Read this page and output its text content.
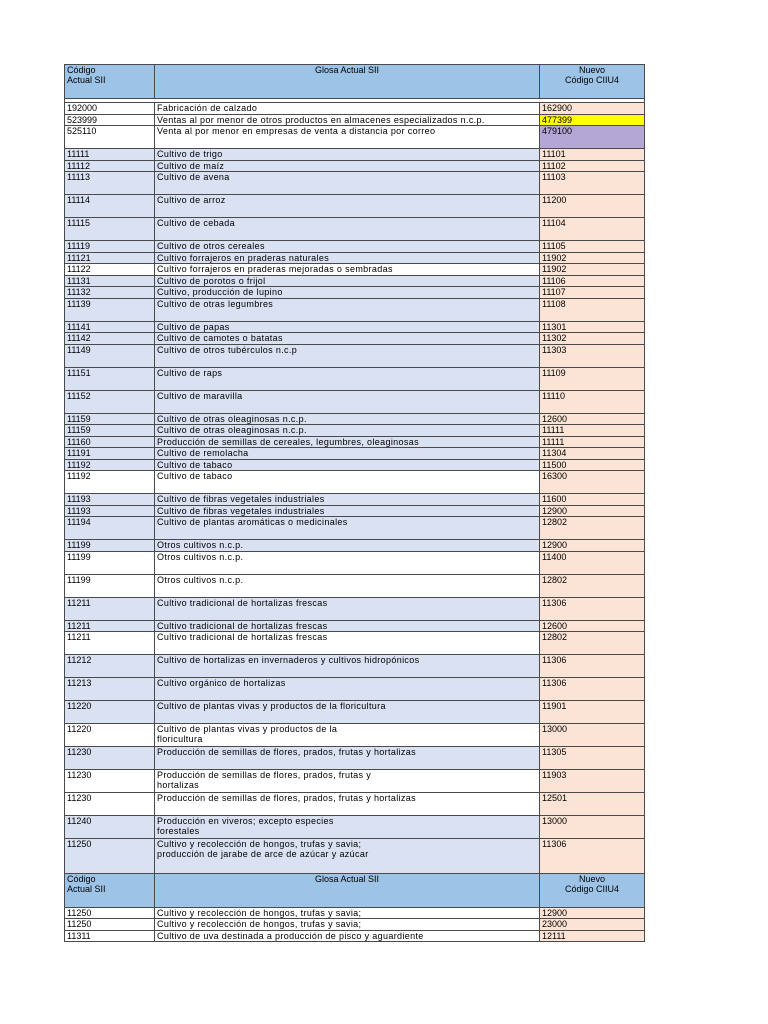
Código
Actual SII	Glosa Actual SII	Nuevo
Código CIIU4

192000	Fabricación de calzado	162900
523999	Ventas al por menor de otros productos en almacenes especializados n.c.p.	477399
525110	Venta al por menor en empresas de venta a distancia por correo	479100
11111	Cultivo de trigo	11101
11112	Cultivo de maíz	11102
11113	Cultivo de avena	11103
11114	Cultivo de arroz	11200
11115	Cultivo de cebada	11104
11119	Cultivo de otros cereales	11105
11121	Cultivo forrajeros en praderas naturales	11902
11122	Cultivo forrajeros en praderas mejoradas o sembradas	11902
11131	Cultivo de porotos o frijol	11106
11132	Cultivo, producción de lupino	11107
11139	Cultivo de otras legumbres	11108
11141	Cultivo de papas	11301
11142	Cultivo de camotes o batatas	11302
11149	Cultivo de otros tubérculos n.c.p	11303
11151	Cultivo de raps	11109
11152	Cultivo de maravilla	11110
11159	Cultivo de otras oleaginosas n.c.p.	12600
11159	Cultivo de otras oleaginosas n.c.p.	11111
11160	Producción de semillas de cereales, legumbres, oleaginosas	11111
11191	Cultivo de remolacha	11304
11192	Cultivo de tabaco	11500
11192	Cultivo de tabaco	16300
11193	Cultivo de fibras vegetales industriales	11600
11193	Cultivo de fibras vegetales industriales	12900
11194	Cultivo de plantas aromáticas o medicinales	12802
11199	Otros cultivos n.c.p.	12900
11199	Otros cultivos n.c.p.	11400
11199	Otros cultivos n.c.p.	12802
11211	Cultivo tradicional de hortalizas frescas	11306
11211	Cultivo tradicional de hortalizas frescas	12600
11211	Cultivo tradicional de hortalizas frescas	12802
11212	Cultivo de hortalizas en invernaderos y cultivos hidropónicos	11306
11213	Cultivo orgánico de hortalizas	11306
11220	Cultivo de plantas vivas y productos de la floricultura	11901
11220	Cultivo de plantas vivas y productos de la
floricultura	13000
11230	Producción de semillas de flores, prados, frutas y hortalizas	11305
11230	Producción de semillas de flores, prados, frutas y
hortalizas	11903
11230	Producción de semillas de flores, prados, frutas y hortalizas	12501
11240	Producción en viveros; excepto especies
forestales	13000
11250	Cultivo y recolección de hongos, trufas y savia;
producción de jarabe de arce de azúcar y azúcar	11306
Código
Actual SII	Glosa Actual SII	Nuevo
Código CIIU4
11250	Cultivo y recolección de hongos, trufas y savia;	12900
11250	Cultivo y recolección de hongos, trufas y savia;	23000
11311	Cultivo de uva destinada a producción de pisco y aguardiente	12111
